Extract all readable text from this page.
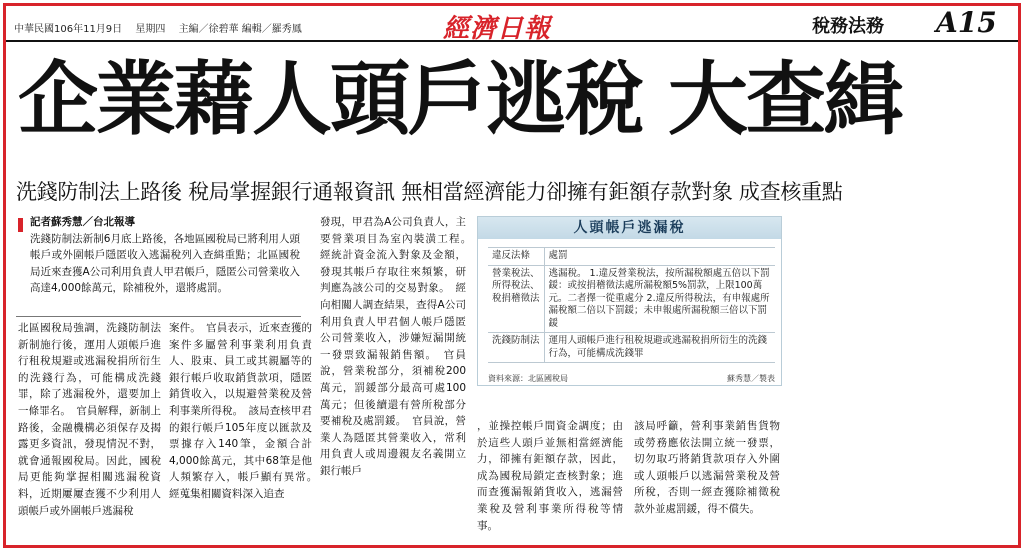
中華民國106年11月9日 星期四 主編／徐碧華 編輯／羅秀鳳	經濟日報	稅務法務 A15
企業藉人頭戶逃稅 大查緝
洗錢防制法上路後 稅局掌握銀行通報資訊 無相當經濟能力卻擁有鉅額存款對象 成查核重點

記者蘇秀慧／台北報導

洗錢防制法新制6月底上路後，各地區國稅局已將利用人頭帳戶或外圍帳戶隱匿收入逃漏稅列入查緝重點；北區國稅局近來查獲A公司利用負責人甲君帳戶，隱匿公司營業收入高達4,000餘萬元，除補稅外，還將處罰。

北區國稅局強調，洗錢防制法新制施行後，運用人頭帳戶進行租稅規避或逃漏稅捐所衍生的洗錢行為，可能構成洗錢罪，除了逃漏稅外，還要加上一條罪名。　官員解釋，新制上路後，金融機構必須保存及揭露更多資訊，發現情況不對，就會通報國稅局。因此，國稅局更能夠掌握相關逃漏稅資料，近期屢屢查獲不少利用人頭帳戶或外圍帳戶逃漏稅

案件。　官員表示，近來查獲的案件多屬營利事業利用負責人、股東、員工或其親屬等的銀行帳戶收取銷貨款項，隱匿銷貨收入，以規避營業稅及營利事業所得稅。　該局查核甲君的銀行帳戶105年度以匯款及票據存入140筆，金額合計4,000餘萬元，其中68筆是他人頻繁存入，帳戶顯有異常。　經蒐集相關資料深入追查

發現，甲君為A公司負責人，主要營業項目為室內裝潢工程。　經統計資金流入對象及金額，發現其帳戶存取往來頻繁，研判應為該公司的交易對象。　經向相關人調查結果，查得A公司利用負責人甲君個人帳戶隱匿公司營業收入，涉嫌短漏開統一發票致漏報銷售額。　官員說，營業稅部分，須補稅200萬元，罰鍰部分最高可處100萬元；但後續還有營所稅部分要補稅及處罰鍰。　官員說，營業人為隱匿其營業收入，常利用負責人或周邊親友名義開立銀行帳戶

人頭帳戶逃漏稅
違反法條	處罰
營業稅法、所得稅法、稅捐稽徵法	逃漏稅。 1.違反營業稅法，按所漏稅額處五倍以下罰鍰：或按捐稽徵法處所漏稅額5%罰款，上限100萬元。二者擇一從重處分 2.違反所得稅法，有申報處所漏稅額二倍以下罰鍰；未申報處所漏稅額三倍以下罰鍰
洗錢防制法	運用人頭帳戶進行租稅規避或逃漏稅捐所衍生的洗錢行為，可能構成洗錢罪
資料來源：北區國稅局	蘇秀慧／製表

，並操控帳戶間資金調度；由於這些人頭戶並無相當經濟能力，卻擁有鉅額存款，因此，成為國稅局鎖定查核對象；進而查獲漏報銷貨收入，逃漏營業稅及營利事業所得稅等情事。

該局呼籲，營利事業銷售貨物或勞務應依法開立統一發票，切勿取巧將銷貨款項存入外圍或人頭帳戶以逃漏營業稅及營所稅，否則一經查獲除補徵稅款外並處罰鍰，得不償失。
